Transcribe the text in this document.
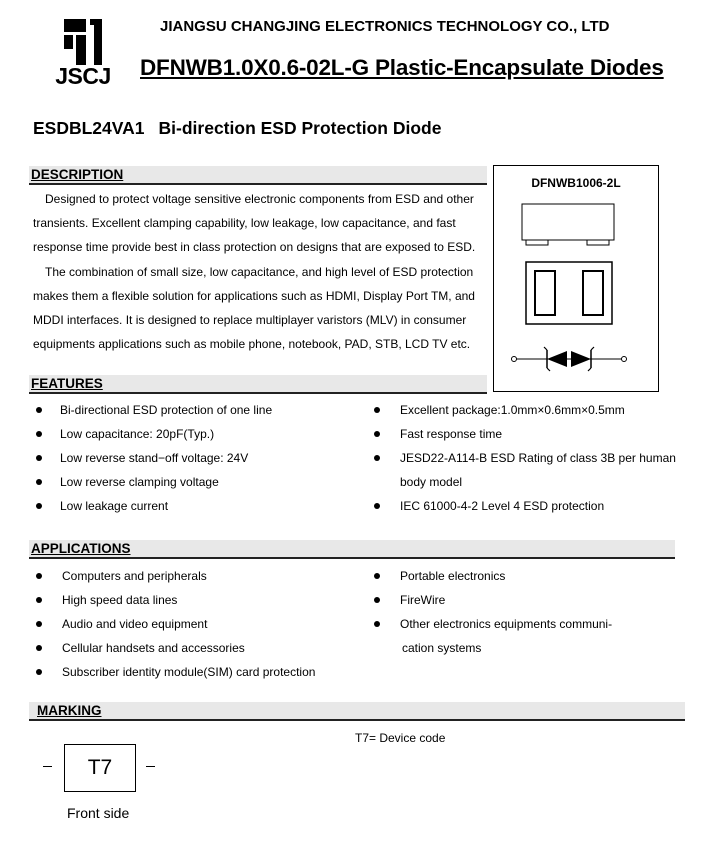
JSCJ
JIANGSU CHANGJING ELECTRONICS TECHNOLOGY CO., LTD
DFNWB1.0X0.6-02L-G Plastic-Encapsulate Diodes
ESDBL24VA1 Bi-direction ESD Protection Diode
DESCRIPTION
Designed to protect voltage sensitive electronic components from ESD and other
transients. Excellent clamping capability, low leakage, low capacitance, and fast
response time provide best in class protection on designs that are exposed to ESD.
The combination of small size, low capacitance, and high level of ESD protection
makes them a flexible solution for applications such as HDMI, Display Port TM, and
MDDI interfaces. It is designed to replace multiplayer varistors (MLV) in consumer
equipments applications such as mobile phone, notebook, PAD, STB, LCD TV etc.
DFNWB1006-2L
FEATURES
Bi-directional ESD protection of one line
Low capacitance: 20pF(Typ.)
Low reverse stand−off voltage: 24V
Low reverse clamping voltage
Low leakage current
Excellent package:1.0mm×0.6mm×0.5mm
Fast response time
JESD22-A114-B ESD Rating of class 3B per human
body model
IEC 61000-4-2 Level 4 ESD protection
APPLICATIONS
Computers and peripherals
High speed data lines
Audio and video equipment
Cellular handsets and accessories
Subscriber identity module(SIM) card protection
Portable electronics
FireWire
Other electronics equipments communi-
cation systems
MARKING
T7= Device code
T7
Front side
